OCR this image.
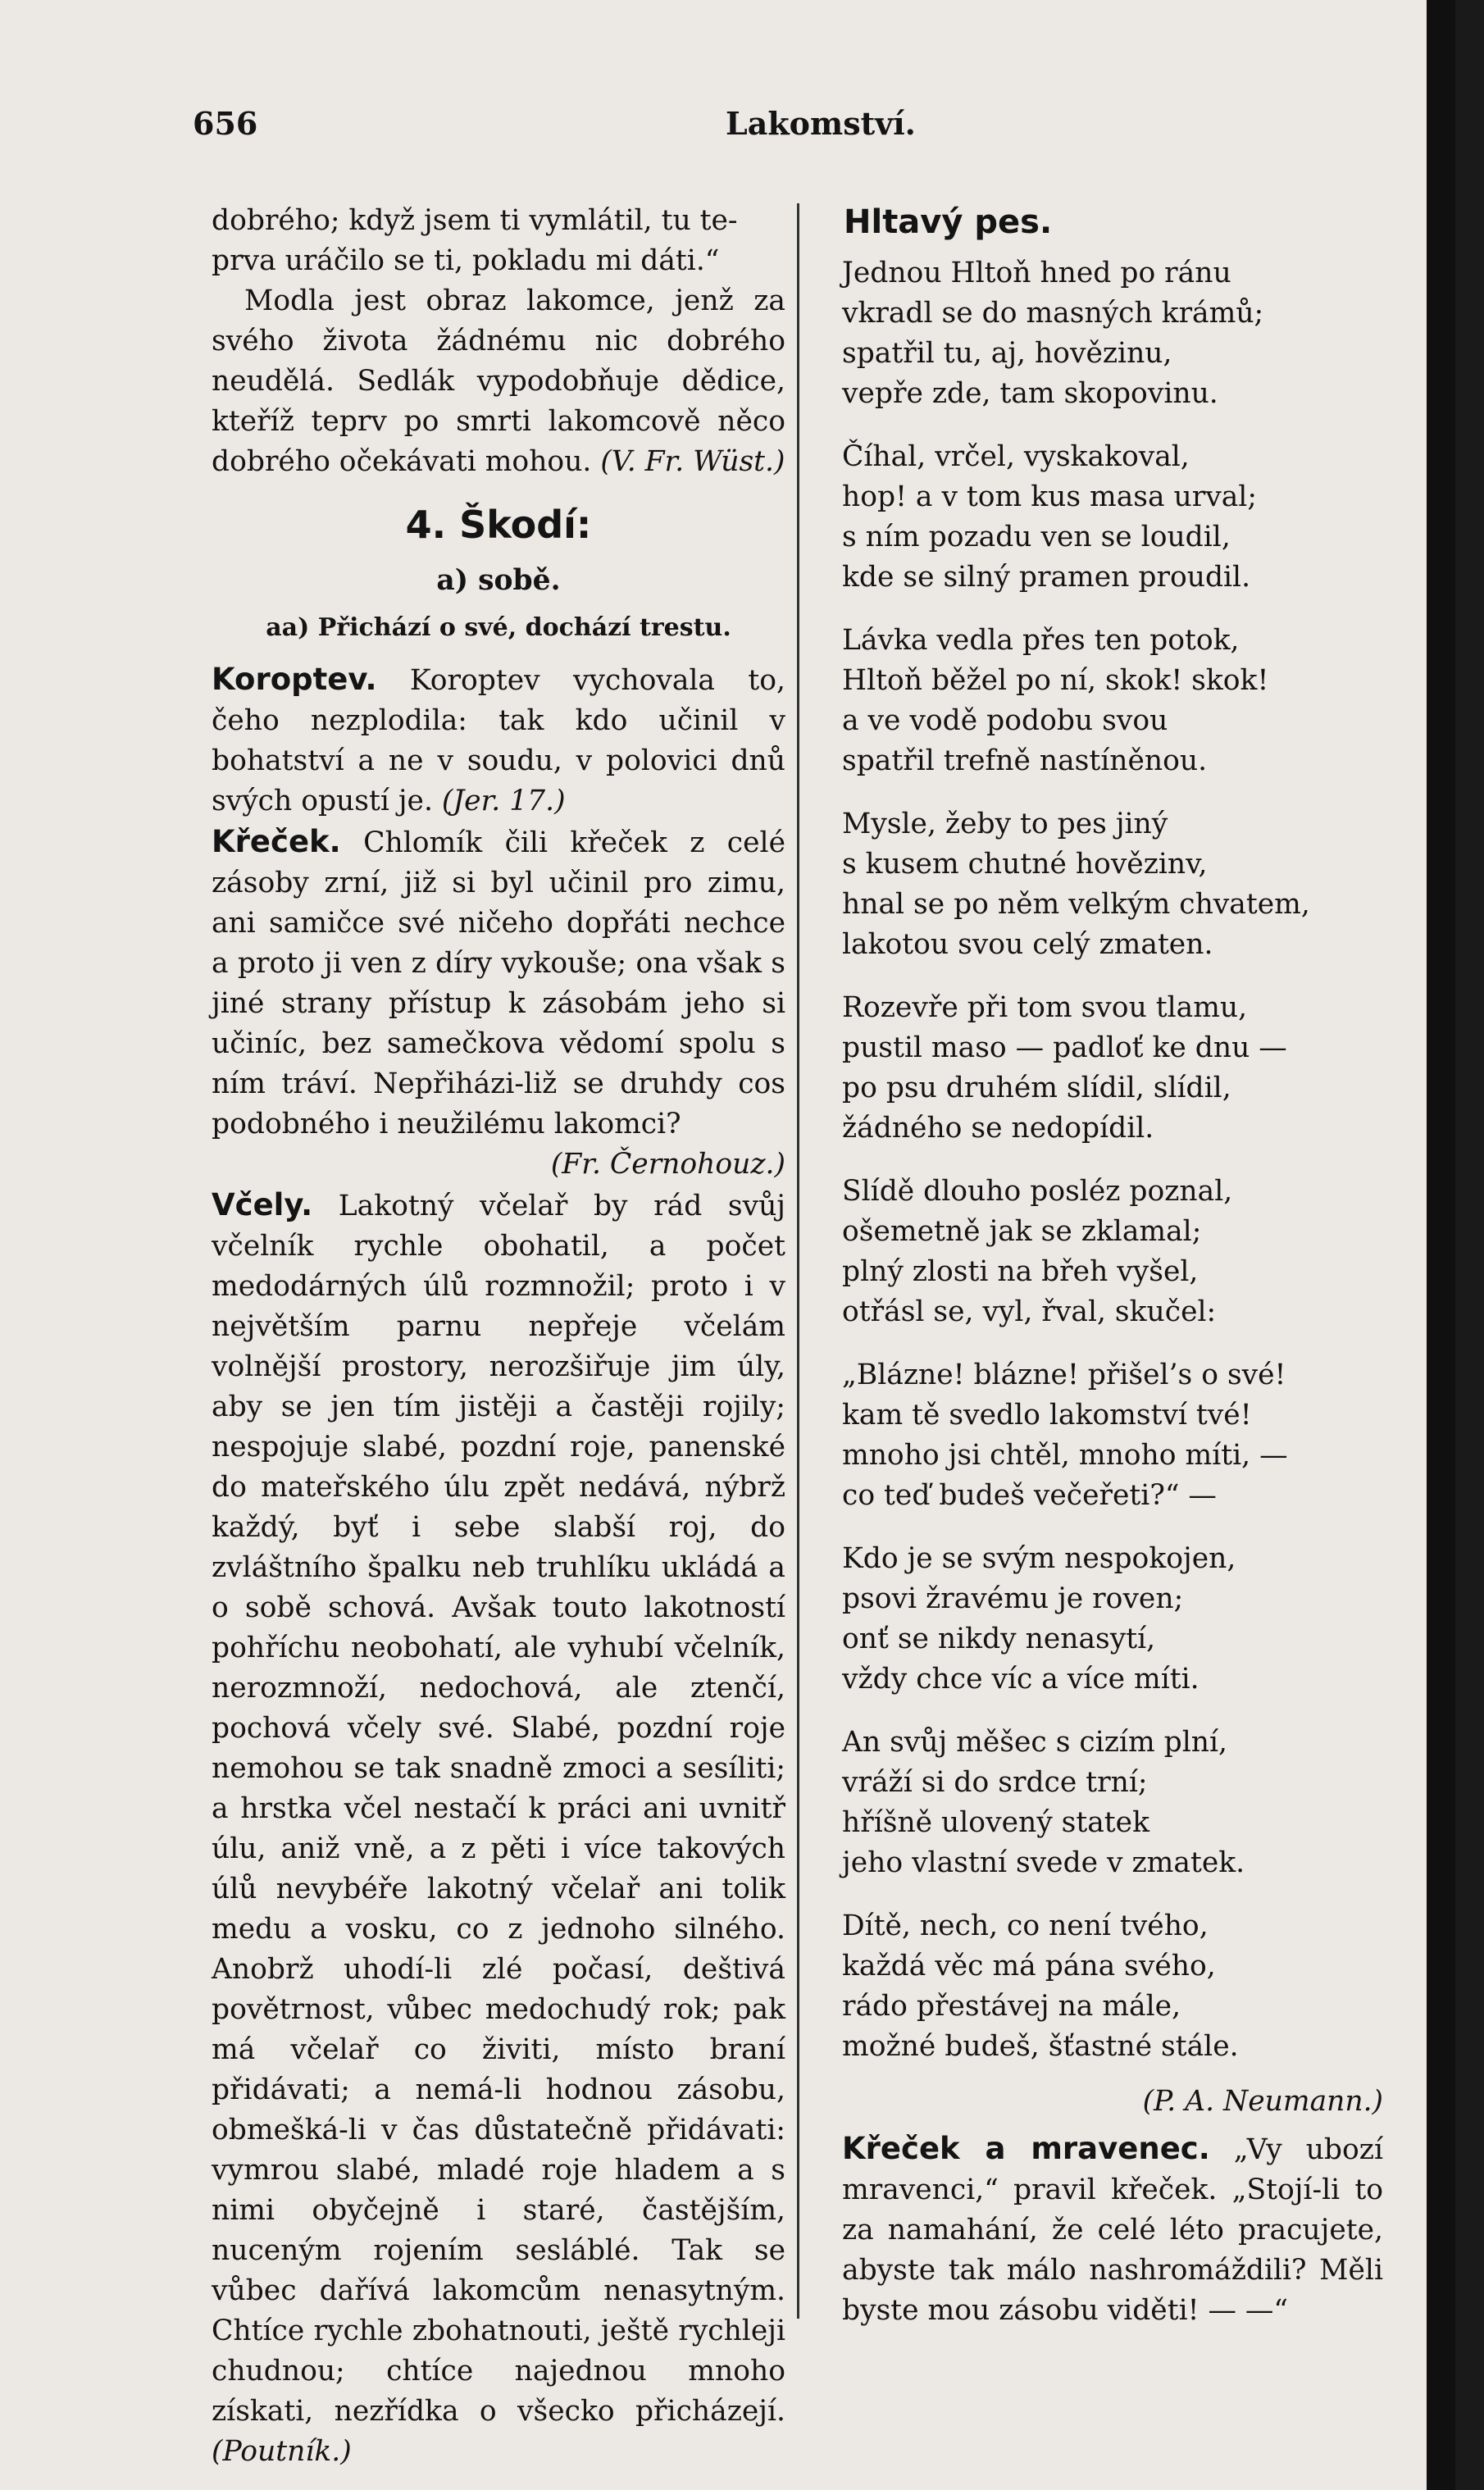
656	Lakomství.

dobrého; když jsem ti vymlátil, tu te-

prva uráčilo se ti, pokladu mi dáti.“

Modla jest obraz lakomce, jenž za svého života žádnému nic dobrého neudělá. Sedlák vypodobňuje dědice, kteříž teprv po smrti lakomcově něco dobrého očekávati mohou. (V. Fr. Wüst.)

4. Škodí:
a) sobě.
aa) Přichází o své, dochází trestu.

Koroptev. Koroptev vychovala to, čeho nezplodila: tak kdo učinil v bohatství a ne v soudu, v polovici dnů svých opustí je. (Jer. 17.)

Křeček. Chlomík čili křeček z celé zásoby zrní, již si byl učinil pro zimu, ani samičce své ničeho dopřáti nechce a proto ji ven z díry vykouše; ona však s jiné strany přístup k zásobám jeho si učiníc, bez samečkova vědomí spolu s ním tráví. Nepřiházi-liž se druhdy cos podobného i neužilému lakomci?

(Fr. Černohouz.)

Včely. Lakotný včelař by rád svůj včelník rychle obohatil, a počet medodárných úlů rozmnožil; proto i v největším parnu nepřeje včelám volnější prostory, nerozšiřuje jim úly, aby se jen tím jistěji a častěji rojily; nespojuje slabé, pozdní roje, panenské do mateřského úlu zpět nedává, nýbrž každý, byť i sebe slabší roj, do zvláštního špalku neb truhlíku ukládá a o sobě schová. Avšak touto lakotností pohříchu neobohatí, ale vyhubí včelník, nerozmnoží, nedochová, ale ztenčí, pochová včely své. Slabé, pozdní roje nemohou se tak snadně zmoci a sesíliti; a hrstka včel nestačí k práci ani uvnitř úlu, aniž vně, a z pěti i více takových úlů nevybéře lakotný včelař ani tolik medu a vosku, co z jednoho silného. Anobrž uhodí-li zlé počasí, deštivá povětrnost, vůbec medochudý rok; pak má včelař co živiti, místo braní přidávati; a nemá-li hodnou zásobu, obmešká-li v čas důstatečně přidávati: vymrou slabé, mladé roje hladem a s nimi obyčejně i staré, častějším, nuceným rojením sesláblé. Tak se vůbec dařívá lakomcům nenasytným. Chtíce rychle zbohatnouti, ještě rychleji chudnou; chtíce najednou mnoho získati, nezřídka o všecko přicházejí. (Poutník.)

Hltavý pes.
Jednou Hltoň hned po ránu
vkradl se do masných krámů;
spatřil tu, aj, hovězinu,
vepře zde, tam skopovinu.
Číhal, vrčel, vyskakoval,
hop! a v tom kus masa urval;
s ním pozadu ven se loudil,
kde se silný pramen proudil.
Lávka vedla přes ten potok,
Hltoň běžel po ní, skok! skok!
a ve vodě podobu svou
spatřil trefně nastíněnou.
Mysle, žeby to pes jiný
s kusem chutné hovězinv,
hnal se po něm velkým chvatem,
lakotou svou celý zmaten.
Rozevře při tom svou tlamu,
pustil maso — padloť ke dnu —
po psu druhém slídil, slídil,
žádného se nedopídil.
Slídě dlouho posléz poznal,
ošemetně jak se zklamal;
plný zlosti na břeh vyšel,
otřásl se, vyl, řval, skučel:
„Blázne! blázne! přišel’s o své!
kam tě svedlo lakomství tvé!
mnoho jsi chtěl, mnoho míti, —
co teď budeš večeřeti?“ —
Kdo je se svým nespokojen,
psovi žravému je roven;
onť se nikdy nenasytí,
vždy chce víc a více míti.
An svůj měšec s cizím plní,
vráží si do srdce trní;
hříšně ulovený statek
jeho vlastní svede v zmatek.
Dítě, nech, co není tvého,
každá věc má pána svého,
rádo přestávej na mále,
možné budeš, šťastné stále.

(P. A. Neumann.)

Křeček a mravenec. „Vy ubozí mravenci,“ pravil křeček. „Stojí-li to za namahání, že celé léto pracujete, abyste tak málo nashromáždili? Měli byste mou zásobu viděti! — —“
